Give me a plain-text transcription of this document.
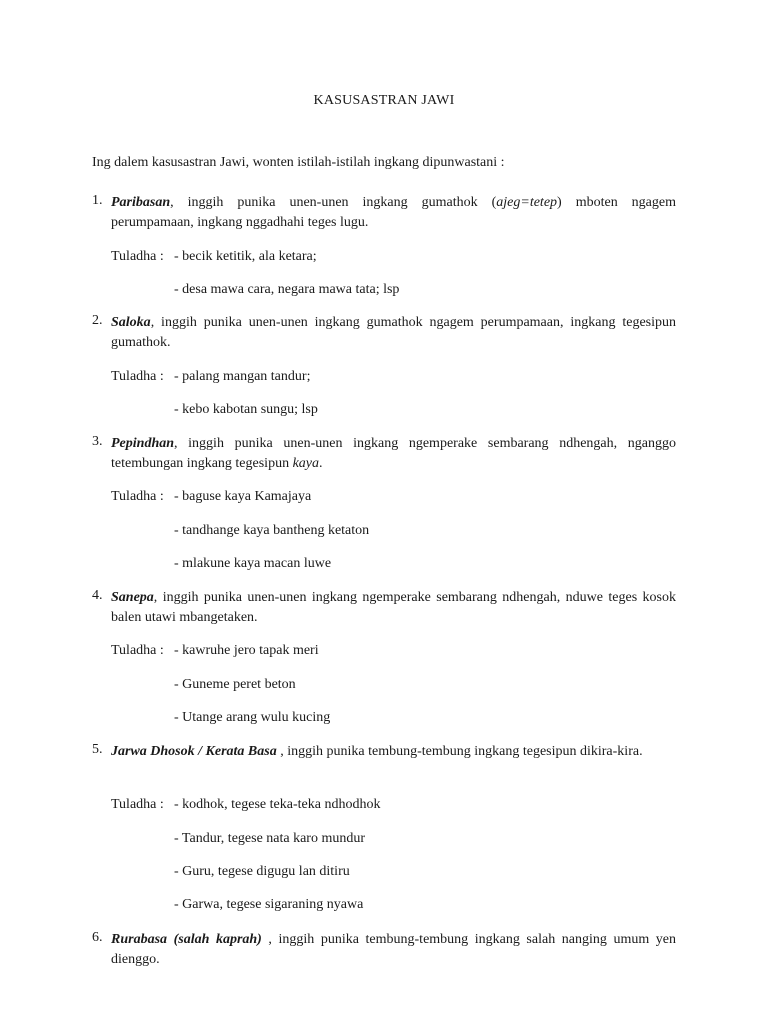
KASUSASTRAN JAWI
Ing dalem kasusastran Jawi, wonten istilah-istilah ingkang dipunwastani :
1. Paribasan, inggih punika unen-unen ingkang gumathok (ajeg=tetep) mboten ngagem perumpamaan, ingkang nggadhahi teges lugu.
Tuladha : - becik ketitik, ala ketara;
- desa mawa cara, negara mawa tata; lsp
2. Saloka, inggih punika unen-unen ingkang gumathok ngagem perumpamaan, ingkang tegesipun gumathok.
Tuladha : - palang mangan tandur;
- kebo kabotan sungu; lsp
3. Pepindhan, inggih punika unen-unen ingkang ngemperake sembarang ndhengah, nganggo tetembungan ingkang tegesipun kaya.
Tuladha : - baguse kaya Kamajaya
- tandhange kaya bantheng ketaton
- mlakune kaya macan luwe
4. Sanepa, inggih punika unen-unen ingkang ngemperake sembarang ndhengah, nduwe teges kosok balen utawi mbangetaken.
Tuladha : - kawruhe jero tapak meri
- Guneme peret beton
- Utange arang wulu kucing
5. Jarwa Dhosok / Kerata Basa , inggih punika tembung-tembung ingkang tegesipun dikira-kira.
Tuladha : - kodhok, tegese teka-teka ndhodhok
- Tandur, tegese nata karo mundur
- Guru, tegese digugu lan ditiru
- Garwa, tegese sigaraning nyawa
6. Rurabasa (salah kaprah) , inggih punika tembung-tembung ingkang salah nanging umum yen dienggo.
